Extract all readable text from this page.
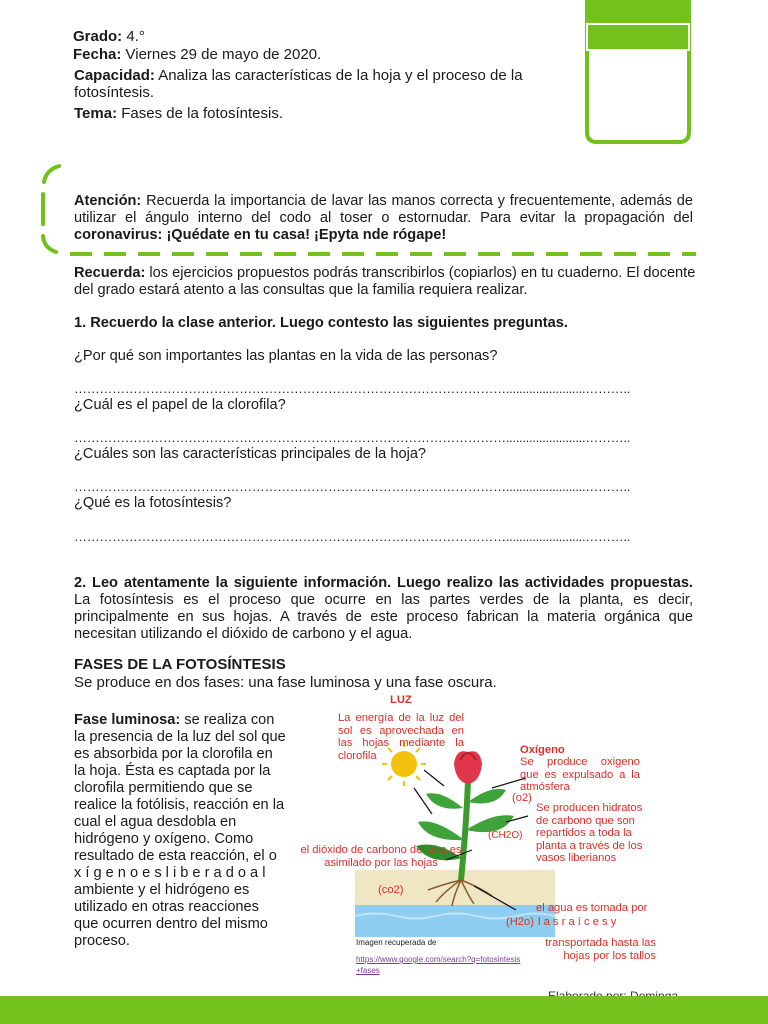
Grado: 4.°
Fecha: Viernes 29 de mayo de 2020.
Capacidad: Analiza las características de la hoja y el proceso de la fotosíntesis.
Tema: Fases de la fotosíntesis.
Atención: Recuerda la importancia de lavar las manos correcta y frecuentemente, además de utilizar el ángulo interno del codo al toser o estornudar. Para evitar la propagación del coronavirus: ¡Quédate en tu casa! ¡Epyta nde rógape!
Recuerda: los ejercicios propuestos podrás transcribirlos (copiarlos) en tu cuaderno. El docente del grado estará atento a las consultas que la familia requiera realizar.
1. Recuerdo la clase anterior. Luego contesto las siguientes preguntas.
¿Por qué son importantes las plantas en la vida de las personas?
…………………………………………………………………………………………........................………..
¿Cuál es el papel de la clorofila?
…………………………………………………………………………………………........................………..
¿Cuáles son las características principales de la hoja?
…………………………………………………………………………………………........................………..
¿Qué es la fotosíntesis?
…………………………………………………………………………………………........................………..
2. Leo atentamente la siguiente información. Luego realizo las actividades propuestas. La fotosíntesis es el proceso que ocurre en las partes verdes de la planta, es decir, principalmente en sus hojas. A través de este proceso fabrican la materia orgánica que necesitan utilizando el dióxido de carbono y el agua.
FASES DE LA FOTOSÍNTESIS
Se produce en dos fases: una fase luminosa y una fase oscura.
Fase luminosa: se realiza con la presencia de la luz del sol que es absorbida por la clorofila en la hoja. Ésta es captada por la clorofila permitiendo que se realice la fotólisis, reacción en la cual el agua desdobla en hidrógeno y oxígeno. Como resultado de esta reacción, el o x í g e n o e s l i b e r a d o a l ambiente y el hidrógeno es utilizado en otras reacciones que ocurren dentro del mismo proceso.
LUZ
La energía de la luz del sol es aprovechada en las hojas mediante la clorofila	Oxígeno
Se produce oxigeno que es expulsado a la atmósfera
(o2)
Se producen hidratos de carbono que son repartidos a toda la planta a través de los vasos liberianos
(CH2O)
el dióxido de carbono del aire es asimilado por las hojas
(co2)
el agua es tomada por
(H2o) l a s r a í c e s y
transportada hasta las hojas por los tallos
Imagen recuperada de
https://www.google.com/search?q=fotosintesis+fases
